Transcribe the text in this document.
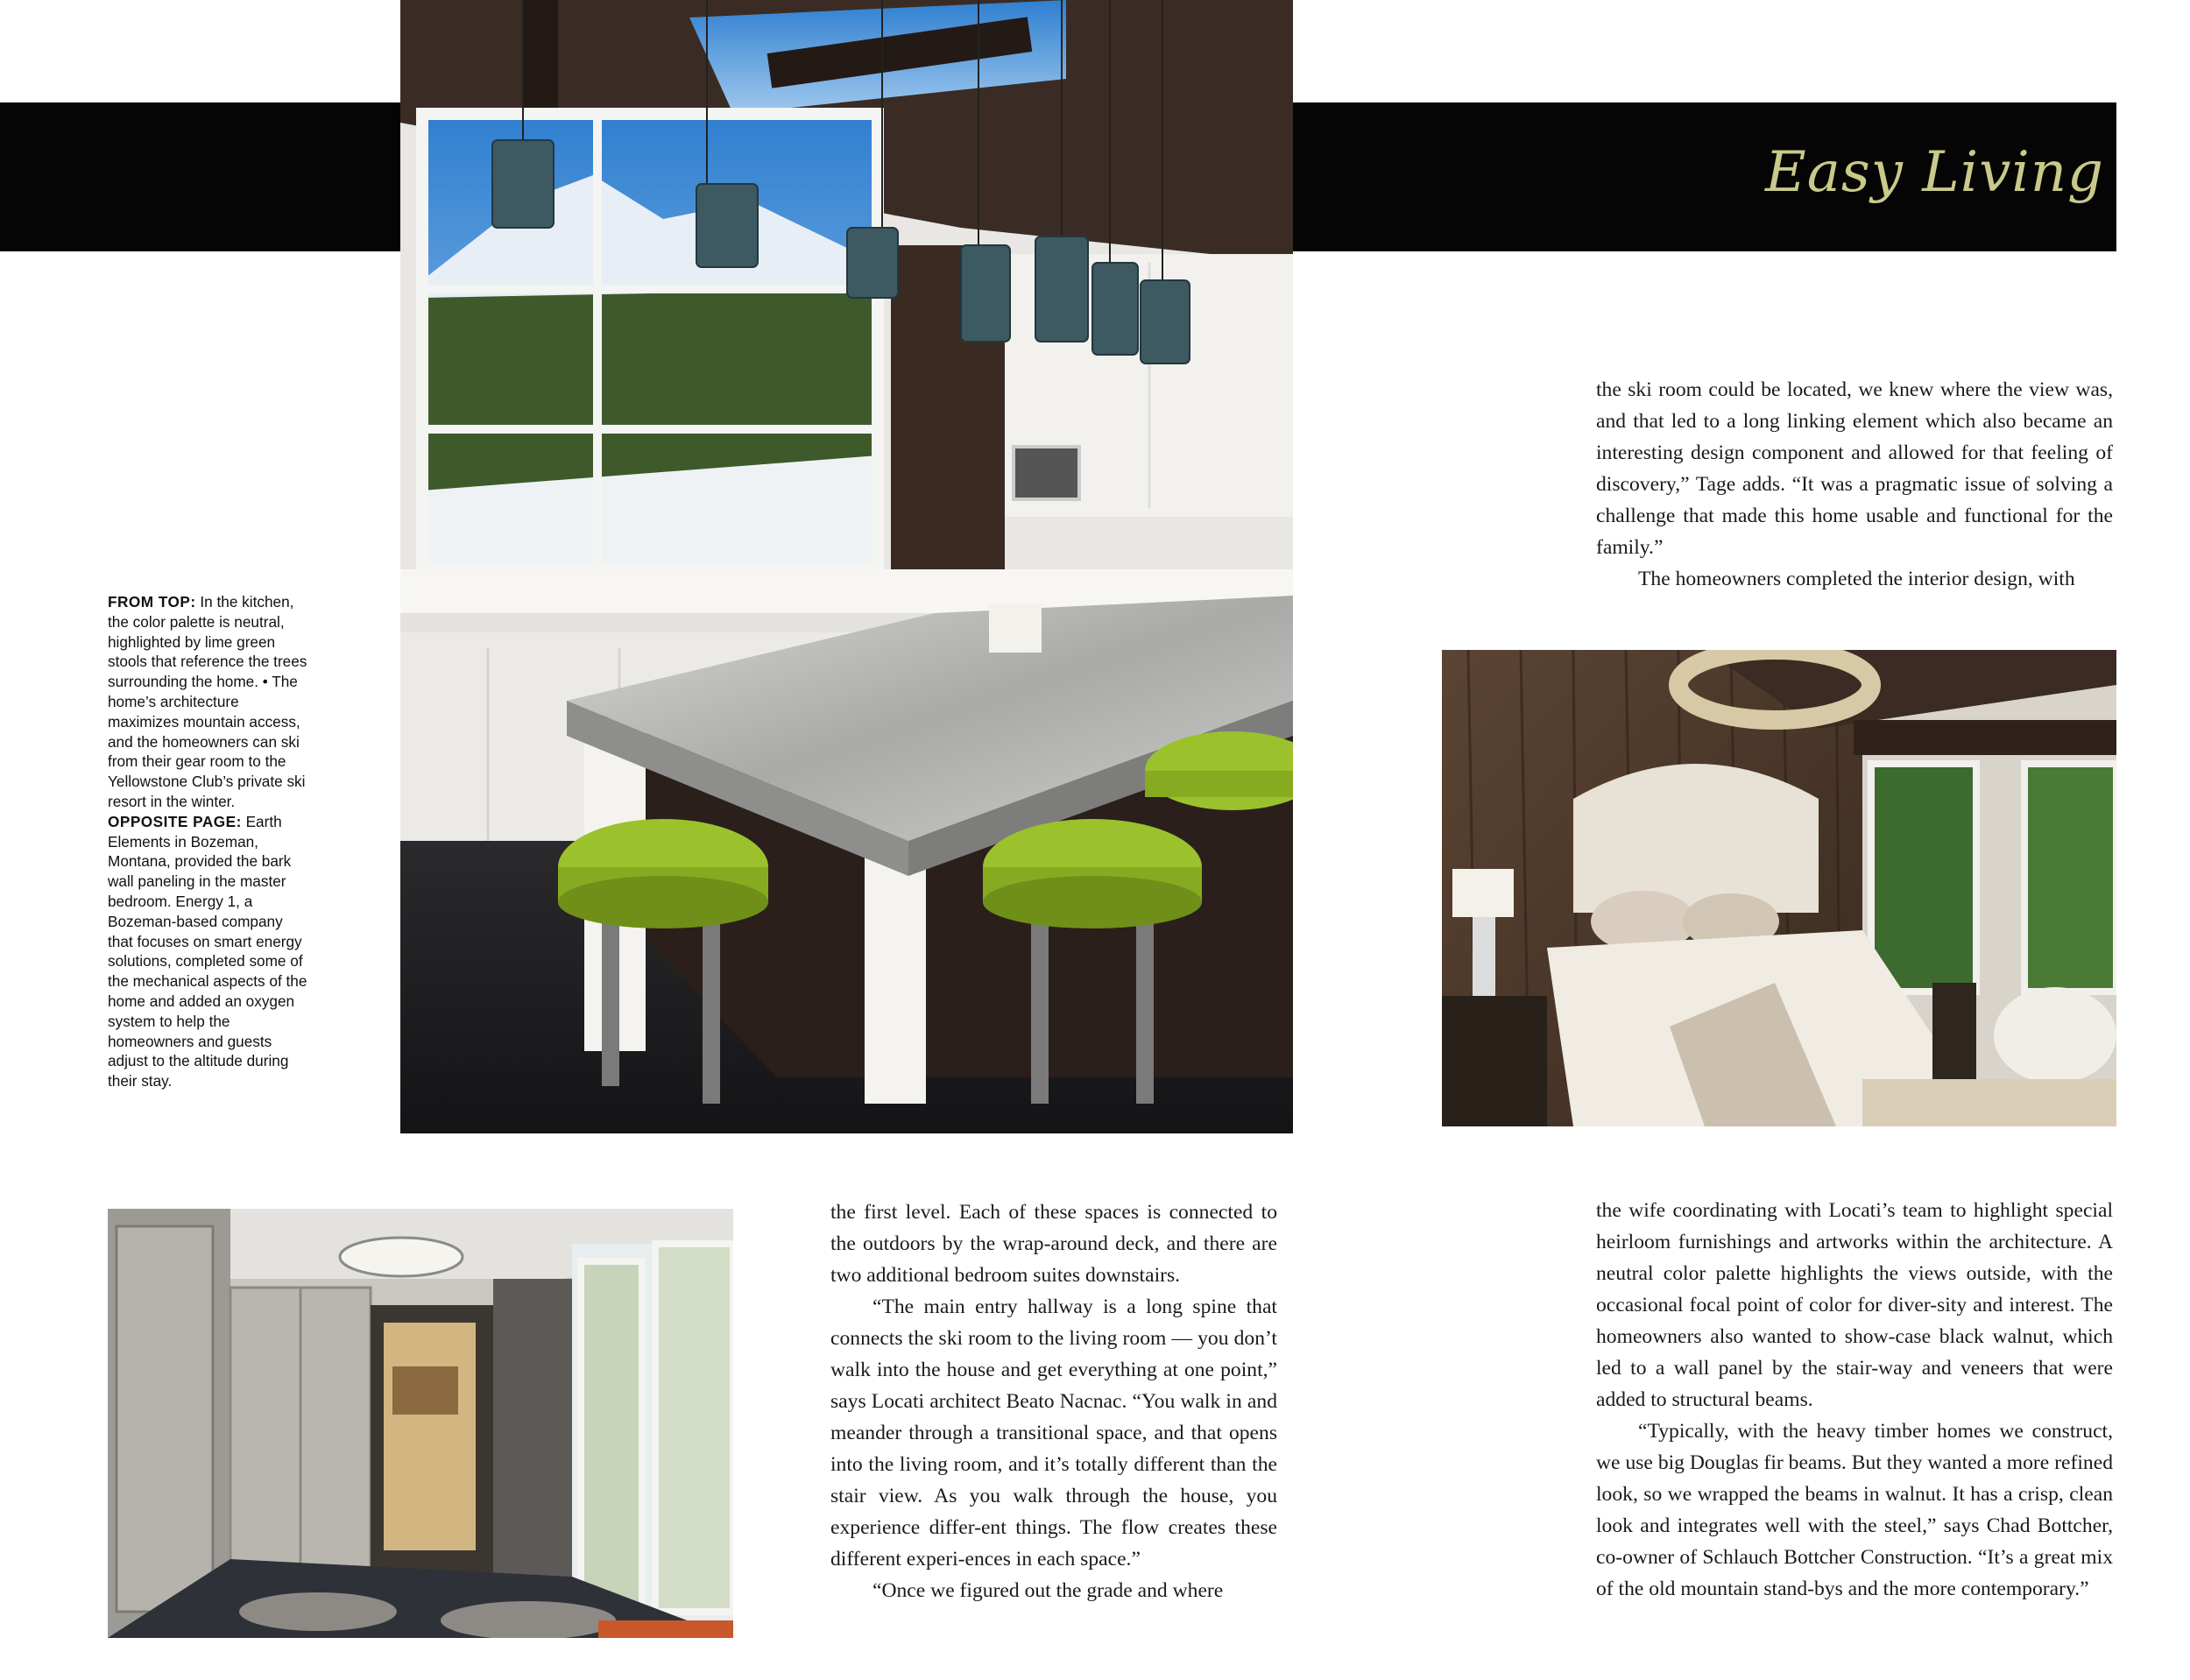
Easy Living
FROM TOP: In the kitchen, the color palette is neutral, highlighted by lime green stools that reference the trees surrounding the home. • The home’s architecture maximizes mountain access, and the homeowners can ski from their gear room to the Yellowstone Club’s private ski resort in the winter. OPPOSITE PAGE: Earth Elements in Bozeman, Montana, provided the bark wall paneling in the master bedroom. Energy 1, a Bozeman-based company that focuses on smart energy solutions, completed some of the mechanical aspects of the home and added an oxygen system to help the homeowners and guests adjust to the altitude during their stay.

the ski room could be located, we knew where the view was, and that led to a long linking element which also became an interesting design component and allowed for that feeling of discovery,” Tage adds. “It was a pragmatic issue of solving a challenge that made this home usable and functional for the family.”

The homeowners completed the interior design, with

the first level. Each of these spaces is connected to the outdoors by the wrap-around deck, and there are two additional bedroom suites downstairs.

“The main entry hallway is a long spine that connects the ski room to the living room — you don’t walk into the house and get everything at one point,” says Locati architect Beato Nacnac. “You walk in and meander through a transitional space, and that opens into the living room, and it’s totally different than the stair view. As you walk through the house, you experience differ-ent things. The flow creates these different experi-ences in each space.”

“Once we figured out the grade and where

the wife coordinating with Locati’s team to highlight special heirloom furnishings and artworks within the architecture. A neutral color palette highlights the views outside, with the occasional focal point of color for diver-sity and interest. The homeowners also wanted to show-case black walnut, which led to a wall panel by the stair-way and veneers that were added to structural beams.

“Typically, with the heavy timber homes we construct, we use big Douglas fir beams. But they wanted a more refined look, so we wrapped the beams in walnut. It has a crisp, clean look and integrates well with the steel,” says Chad Bottcher, co-owner of Schlauch Bottcher Construction. “It’s a great mix of the old mountain stand-bys and the more contemporary.”
